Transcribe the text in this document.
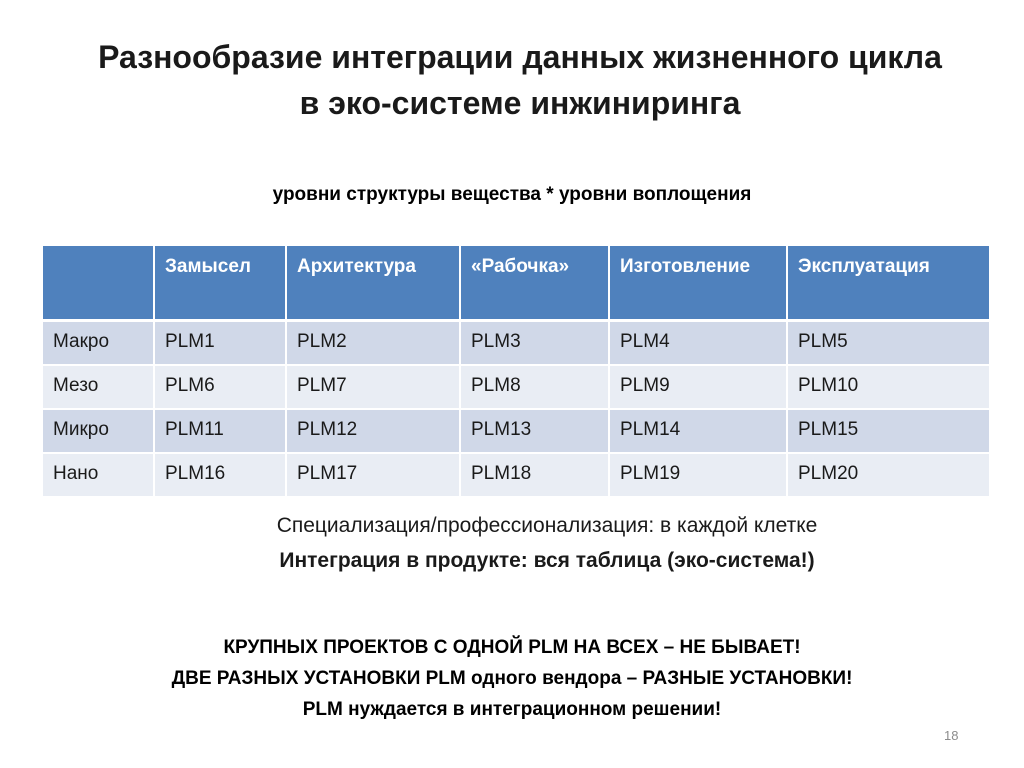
Разнообразие интеграции данных жизненного цикла
в эко-системе инжиниринга
уровни структуры вещества * уровни воплощения
	Замысел	Архитектура	«Рабочка»	Изготовление	Эксплуатация
Макро	PLM1	PLM2	PLM3	PLM4	PLM5
Мезо	PLM6	PLM7	PLM8	PLM9	PLM10
Микро	PLM11	PLM12	PLM13	PLM14	PLM15
Нано	PLM16	PLM17	PLM18	PLM19	PLM20
Специализация/профессионализация: в каждой клетке
Интеграция в продукте: вся таблица (эко-система!)
КРУПНЫХ ПРОЕКТОВ С ОДНОЙ PLM НА ВСЕХ – НЕ БЫВАЕТ!
ДВЕ РАЗНЫХ УСТАНОВКИ PLM одного вендора – РАЗНЫЕ УСТАНОВКИ!
PLM нуждается в интеграционном решении!
18
